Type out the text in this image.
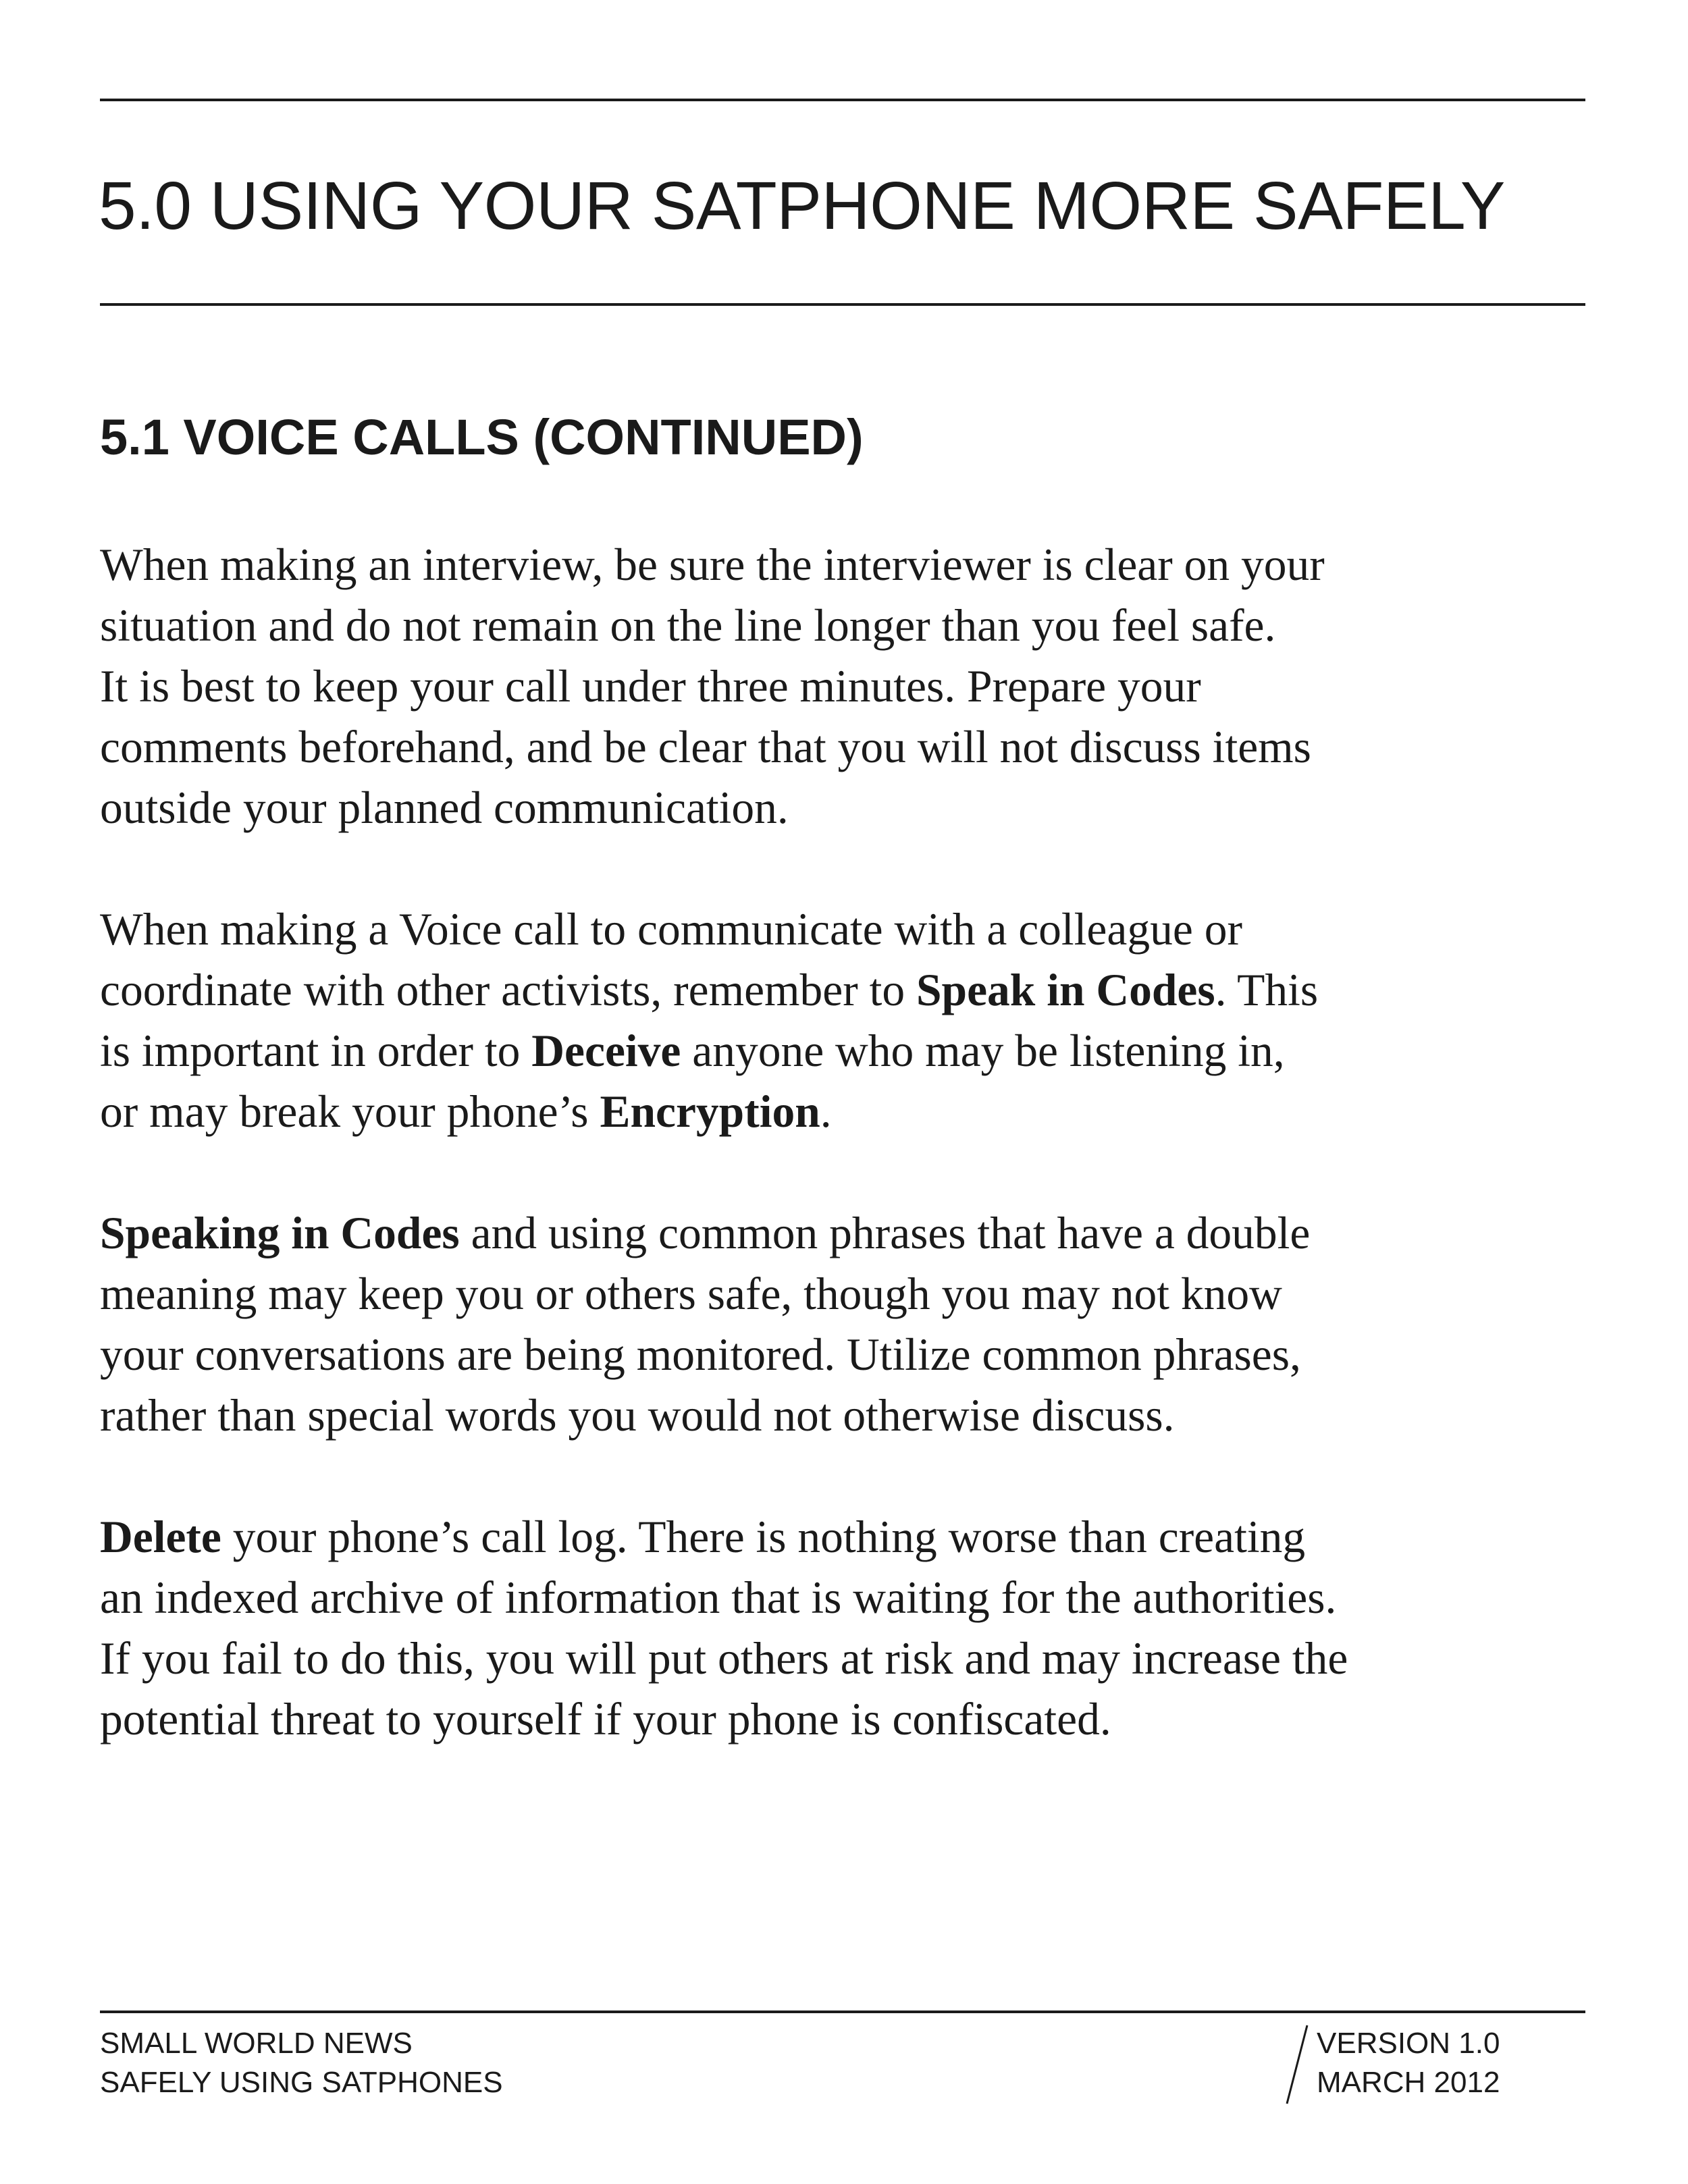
5.0 USING YOUR SATPHONE MORE SAFELY
5.1 VOICE CALLS (CONTINUED)

When making an interview, be sure the interviewer is clear on your
situation and do not remain on the line longer than you feel safe.
It is best to keep your call under three minutes. Prepare your
comments beforehand, and be clear that you will not discuss items
outside your planned communication.

When making a Voice call to communicate with a colleague or
coordinate with other activists, remember to Speak in Codes. This
is important in order to Deceive anyone who may be listening in,
or may break your phone’s Encryption.

Speaking in Codes and using common phrases that have a double
meaning may keep you or others safe, though you may not know
your conversations are being monitored. Utilize common phrases,
rather than special words you would not otherwise discuss.

Delete your phone’s call log. There is nothing worse than creating
an indexed archive of information that is waiting for the authorities.
If you fail to do this, you will put others at risk and may increase the
potential threat to yourself if your phone is confiscated.

SMALL WORLD NEWS
SAFELY USING SATPHONES
VERSION 1.0
MARCH 2012
